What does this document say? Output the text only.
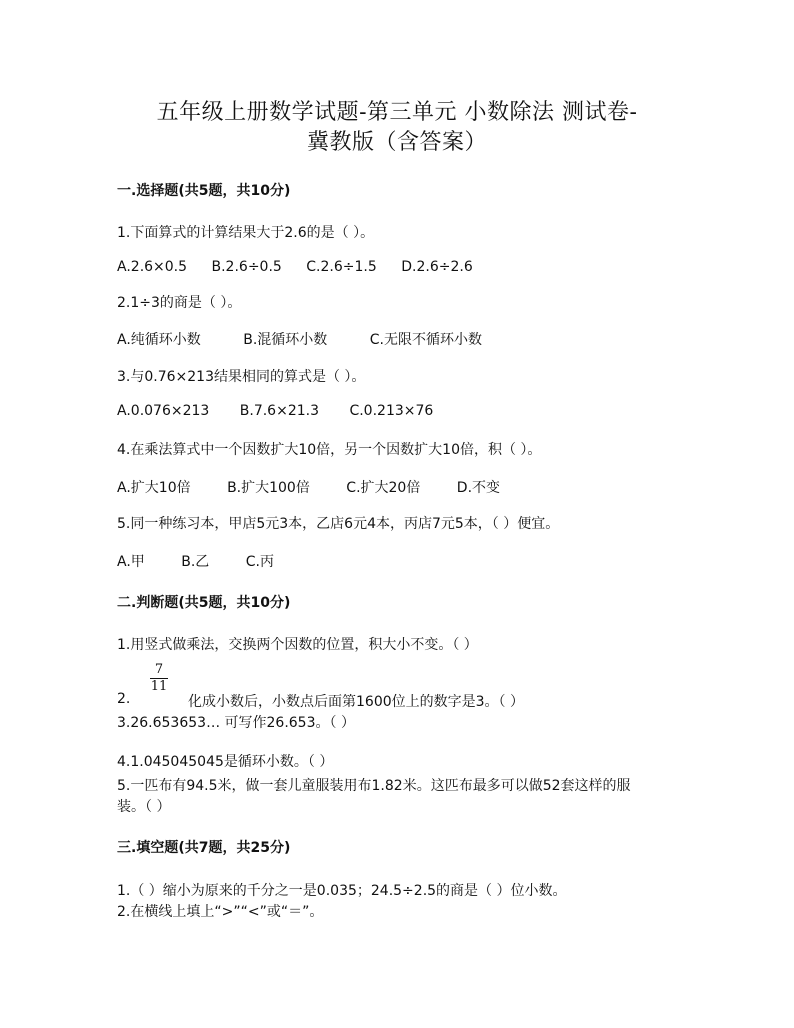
五年级上册数学试题-第三单元 小数除法 测试卷-
冀教版（含答案）
一.选择题(共5题，共10分)
1.下面算式的计算结果大于2.6的是（ ）。
A.2.6×0.5 B.2.6÷0.5 C.2.6÷1.5 D.2.6÷2.6
2.1÷3的商是（ ）。
A.纯循环小数	B.混循环小数	C.无限不循环小数
3.与0.76×213结果相同的算式是（ ）。
A.0.076×213 B.7.6×21.3 C.0.213×76
4.在乘法算式中一个因数扩大10倍，另一个因数扩大10倍，积（ ）。
A.扩大10倍	B.扩大100倍	C.扩大20倍	D.不变
5.同一种练习本，甲店5元3本，乙店6元4本，丙店7元5本，（ ）便宜。
A.甲	B.乙	C.丙
二.判断题(共5题，共10分)
1.用竖式做乘法，交换两个因数的位置，积大小不变。（ ）
$\frac{7}{11}$
2.	化成小数后，小数点后面第1600位上的数字是3。（ ）
3.26.653653… 可写作26.653。（ ）
4.1.045045045是循环小数。（ ）
5.一匹布有94.5米，做一套儿童服装用布1.82米。这匹布最多可以做52套这样的服
装。（ ）
三.填空题(共7题，共25分)
1.（ ）缩小为原来的千分之一是0.035；24.5÷2.5的商是（ ）位小数。
2.在横线上填上“>”“<”或“＝”。
